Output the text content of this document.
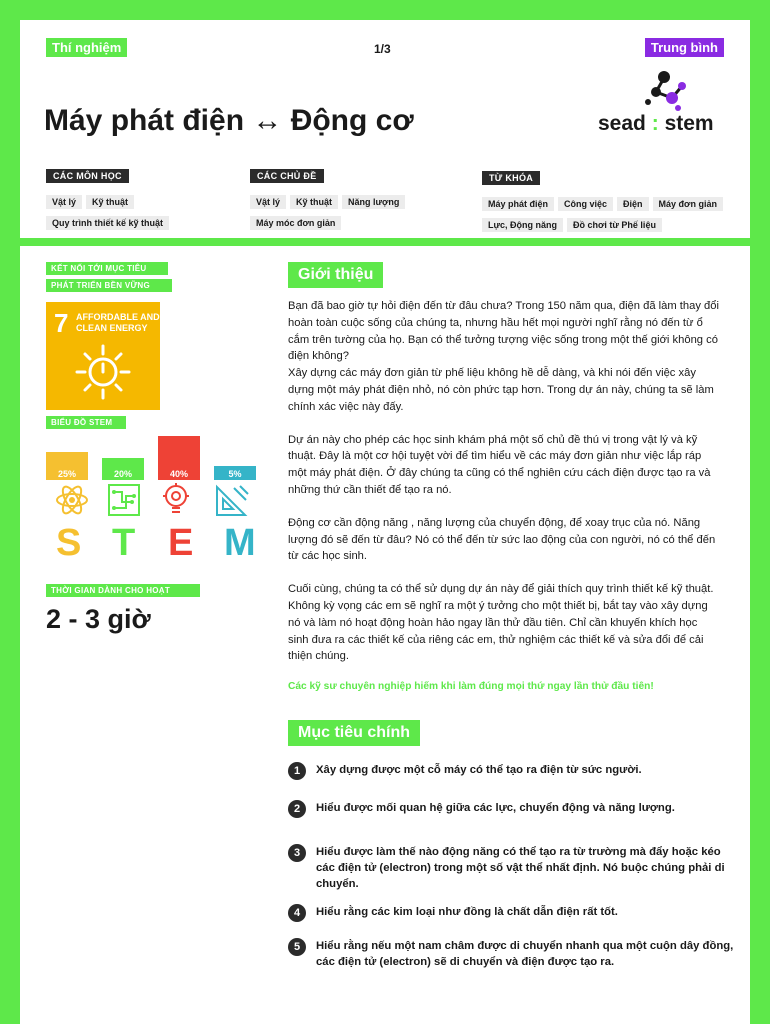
Thí nghiệm	1/3	Trung bình
Máy phát điện ↔ Động cơ	sead : stem
CÁC MÔN HỌC
Vật lý Kỹ thuật
Quy trình thiết kế kỹ thuật
CÁC CHỦ ĐỀ
Vật lý Kỹ thuật Năng lượng
Máy móc đơn giản
TỪ KHÓA
Máy phát điện Công việc Điện Máy đơn giản
Lực, Động năng Đồ chơi từ Phế liệu
KẾT NỐI TỚI MỤC TIÊU
PHÁT TRIỂN BỀN VỮNG
7 AFFORDABLE AND
CLEAN ENERGY
BIỂU ĐỒ STEM
25%	20%	40%	5%
S T E M
THỜI GIAN DÀNH CHO HOẠT
2 - 3 giờ
Giới thiệu

Bạn đã bao giờ tự hỏi điện đến từ đâu chưa? Trong 150 năm qua, điện đã làm thay đổi hoàn toàn cuộc sống của chúng ta, nhưng hầu hết mọi người nghĩ rằng nó đến từ ổ cắm trên tường của họ. Bạn có thể tưởng tượng việc sống trong một thế giới không có điện không?
Xây dựng các máy đơn giản từ phế liệu không hề dễ dàng, và khi nói đến việc xây dựng một máy phát điện nhỏ, nó còn phức tạp hơn. Trong dự án này, chúng ta sẽ làm chính xác việc này đấy.

Dự án này cho phép các học sinh khám phá một số chủ đề thú vị trong vật lý và kỹ thuật. Đây là một cơ hội tuyệt vời để tìm hiểu về các máy đơn giản như việc lắp ráp một máy phát điện. Ở đây chúng ta cũng có thể nghiên cứu cách điện được tạo ra và những thứ cần thiết để tạo ra nó.

Động cơ cần động năng , năng lượng của chuyển động, để xoay trục của nó. Năng lượng đó sẽ đến từ đâu? Nó có thể đến từ sức lao động của con người, nó có thể đến từ các học sinh.

Cuối cùng, chúng ta có thể sử dụng dự án này để giải thích quy trình thiết kế kỹ thuật. Không kỳ vọng các em sẽ nghĩ ra một ý tưởng cho một thiết bị, bắt tay vào xây dựng nó và làm nó hoạt động hoàn hảo ngay lần thử đầu tiên. Chỉ cần khuyến khích học sinh đưa ra các thiết kế của riêng các em, thử nghiệm các thiết kế và sửa đổi để cải thiện chúng.

Các kỹ sư chuyên nghiệp hiếm khi làm đúng mọi thứ ngay lần thử đầu tiên!

Mục tiêu chính
1	Xây dựng được một cỗ máy có thể tạo ra điện từ sức người.
2	Hiểu được mối quan hệ giữa các lực, chuyển động và năng lượng.
3	Hiểu được làm thế nào động năng có thể tạo ra từ trường mà đẩy hoặc kéo các điện tử (electron) trong một số vật thể nhất định. Nó buộc chúng phải di chuyển.
4	Hiểu rằng các kim loại như đồng là chất dẫn điện rất tốt.
5	Hiểu rằng nếu một nam châm được di chuyển nhanh qua một cuộn dây đồng, các điện tử (electron) sẽ di chuyển và điện được tạo ra.
